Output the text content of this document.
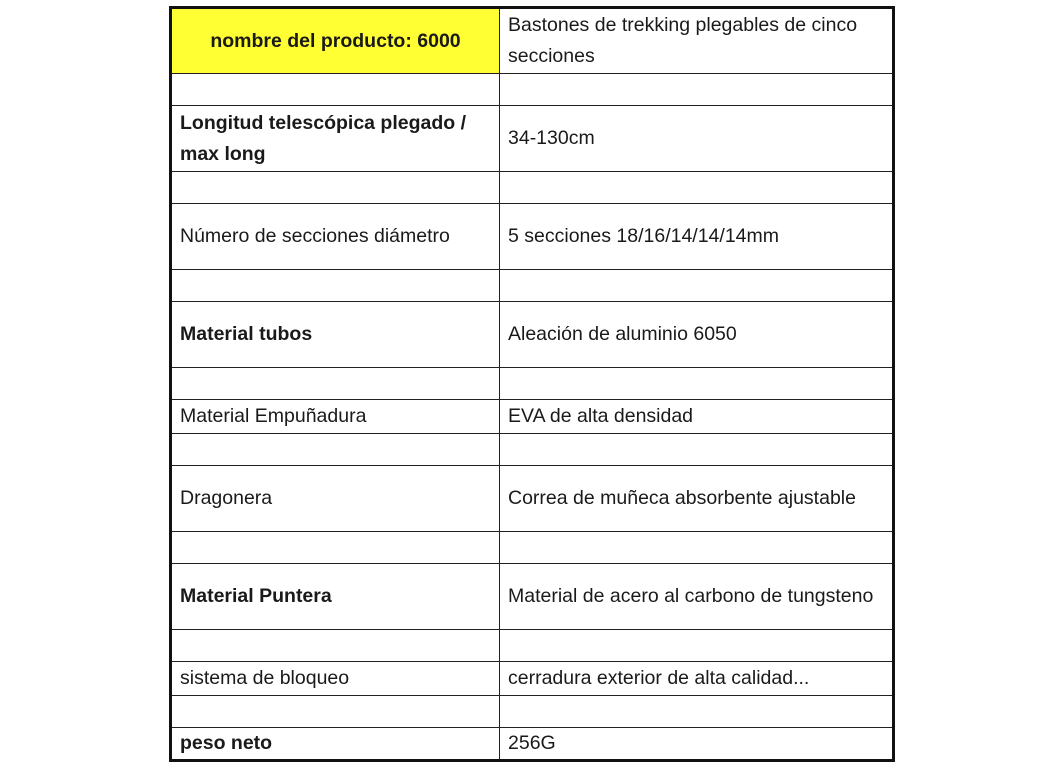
nombre del producto: 6000	Bastones de trekking plegables de cinco secciones

Longitud telescópica plegado / max long	34-130cm

Número de secciones diámetro	5 secciones 18/16/14/14/14mm

Material tubos	Aleación de aluminio 6050

Material Empuñadura	EVA de alta densidad

Dragonera	Correa de muñeca absorbente ajustable

Material Puntera	Material de acero al carbono de tungsteno

sistema de bloqueo	cerradura exterior de alta calidad...

peso neto	256G
